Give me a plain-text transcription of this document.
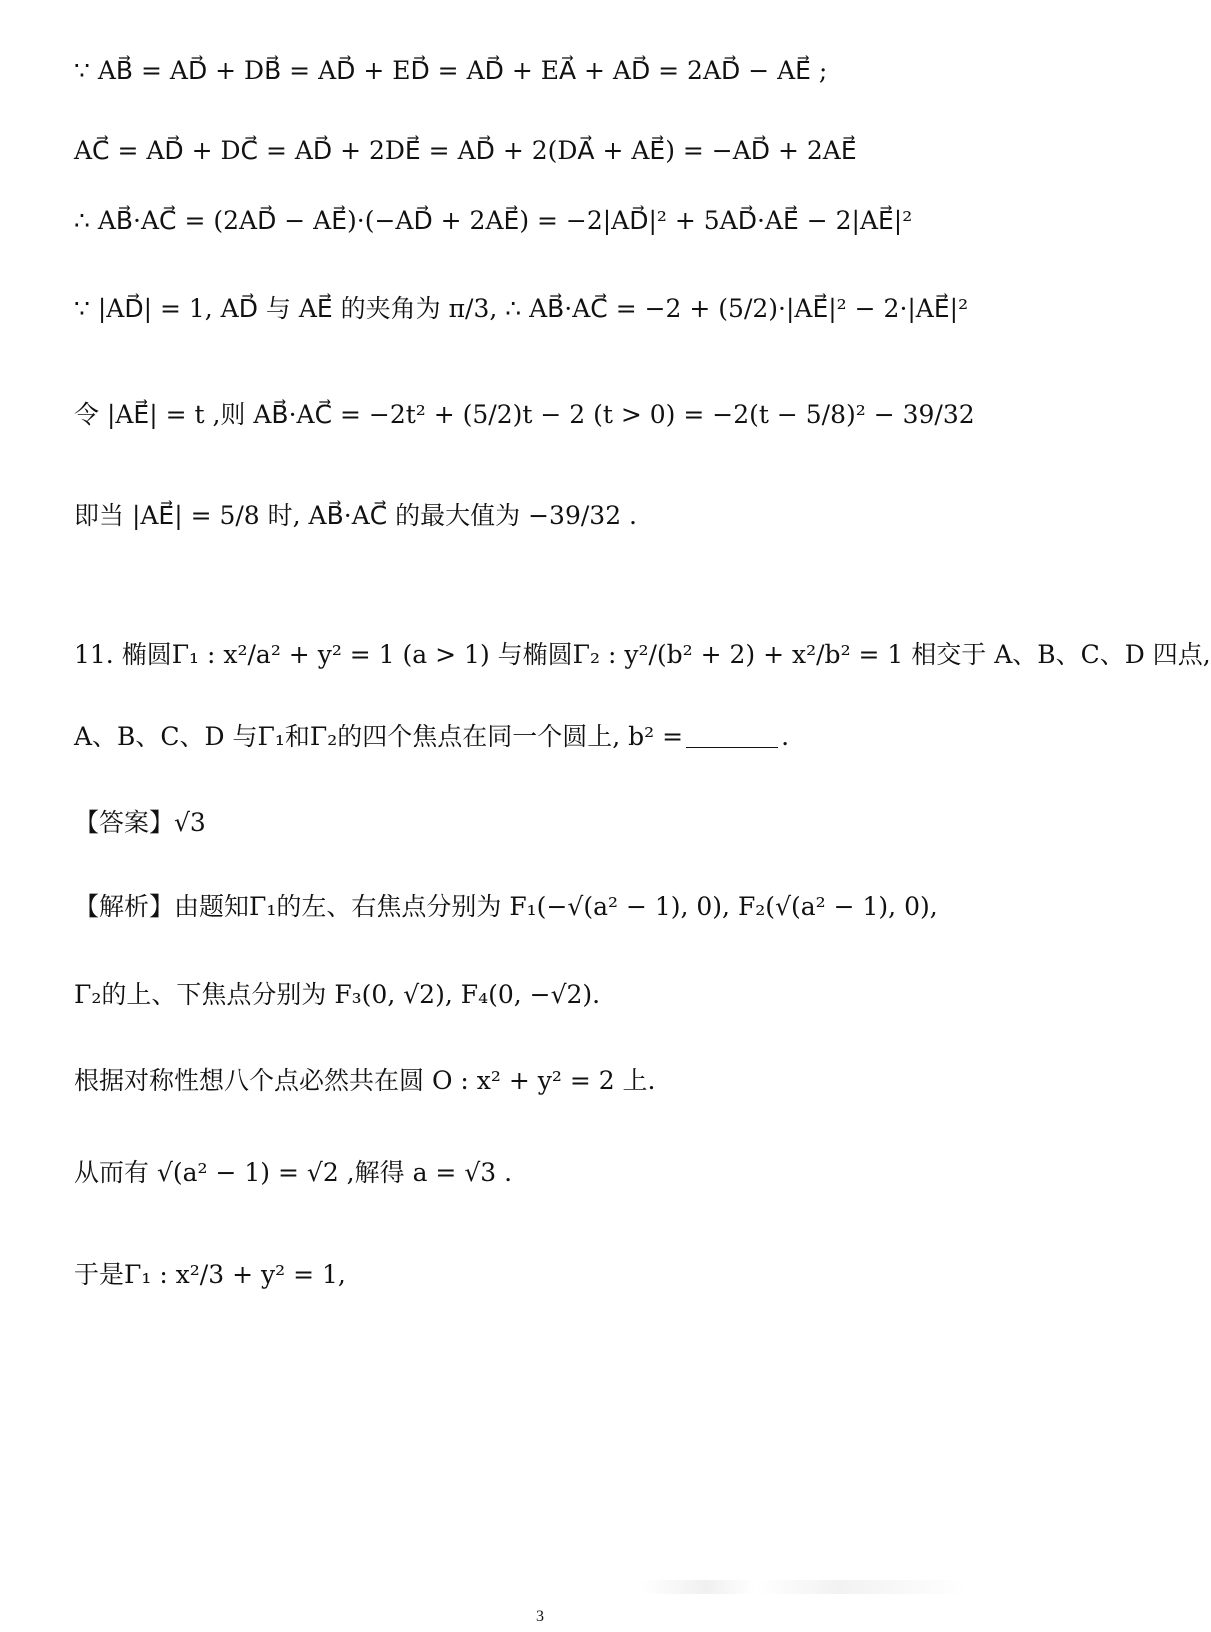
∵ AB⃗ = AD⃗ + DB⃗ = AD⃗ + ED⃗ = AD⃗ + EA⃗ + AD⃗ = 2AD⃗ − AE⃗ ;
AC⃗ = AD⃗ + DC⃗ = AD⃗ + 2DE⃗ = AD⃗ + 2(DA⃗ + AE⃗) = −AD⃗ + 2AE⃗
∴ AB⃗·AC⃗ = (2AD⃗ − AE⃗)·(−AD⃗ + 2AE⃗) = −2|AD⃗|² + 5AD⃗·AE⃗ − 2|AE⃗|²
∵ |AD⃗| = 1, AD⃗ 与 AE⃗ 的夹角为 π/3, ∴ AB⃗·AC⃗ = −2 + (5/2)·|AE⃗|² − 2·|AE⃗|²
令 |AE⃗| = t ,则 AB⃗·AC⃗ = −2t² + (5/2)t − 2 (t > 0) = −2(t − 5/8)² − 39/32
即当 |AE⃗| = 5/8 时, AB⃗·AC⃗ 的最大值为 −39/32 .
11. 椭圆Γ₁ : x²/a² + y² = 1 (a > 1) 与椭圆Γ₂ : y²/(b² + 2) + x²/b² = 1 相交于 A、B、C、D 四点,
A、B、C、D 与Γ₁和Γ₂的四个焦点在同一个圆上, b² =	.
【答案】√3
【解析】由题知Γ₁的左、右焦点分别为 F₁(−√(a² − 1), 0), F₂(√(a² − 1), 0),
Γ₂的上、下焦点分别为 F₃(0, √2), F₄(0, −√2).
根据对称性想八个点必然共在圆 O : x² + y² = 2 上.
从而有 √(a² − 1) = √2 ,解得 a = √3 .
于是Γ₁ : x²/3 + y² = 1,
3
